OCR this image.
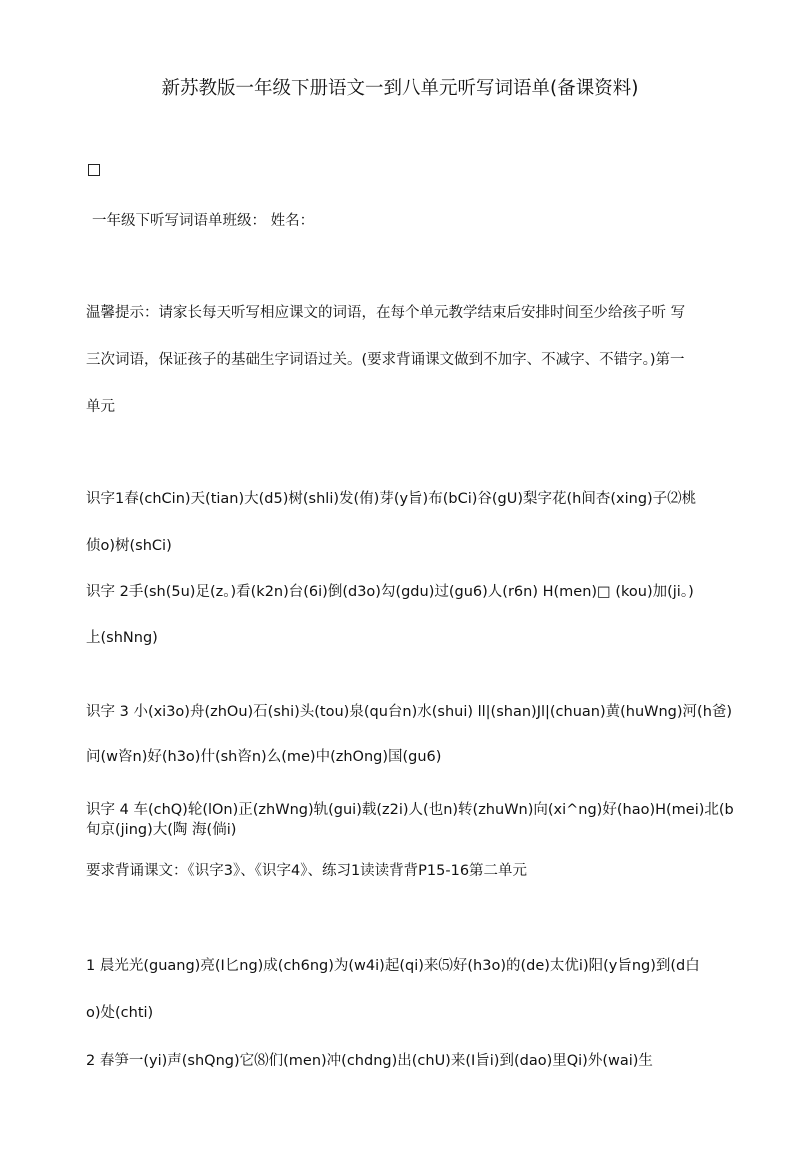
新苏教版一年级下册语文一到八单元听写词语单(备课资料)
一年级下听写词语单班级： 姓名：
温馨提示：请家长每天听写相应课文的词语，在每个单元教学结束后安排时间至少给孩子听 写
三次词语，保证孩子的基础生字词语过关。(要求背诵课文做到不加字、不减字、不错字。)第一
单元
识字1春(chCin)天(tian)大(d5)树(shli)发(侑)芽(y旨)布(bCi)谷(gU)梨字花(h间杏(xing)子⑵桃
侦o)树(shCi)
识字 2手(sh(5u)足(z。)看(k2n)台(6i)倒(d3o)勾(gdu)过(gu6)人(r6n) H(men)□ (kou)加(ji。)
上(shNng)
识字 3 小(xi3o)舟(zhOu)石(shi)头(tou)泉(qu台n)水(shui) ll|(shan)Jl|(chuan)黄(huWng)河(h爸)
问(w咨n)好(h3o)什(sh咨n)么(me)中(zhOng)国(gu6)
识字 4 车(chQ)轮(lOn)正(zhWng)轨(gui)载(z2i)人(也n)转(zhuWn)向(xi^ng)好(hao)H(mei)北(b
旬京(jing)大(陶 海(倘i)
要求背诵课文：《识字3》、《识字4》、练习1读读背背P15-16第二单元
1 晨光光(guang)亮(I匕ng)成(ch6ng)为(w4i)起(qi)来⑸好(h3o)的(de)太优i)阳(y旨ng)到(d白
o)处(chti)
2 春笋一(yi)声(shQng)它⑻们(men)冲(chdng)出(chU)来(I旨i)到(dao)里Qi)外(wai)生
